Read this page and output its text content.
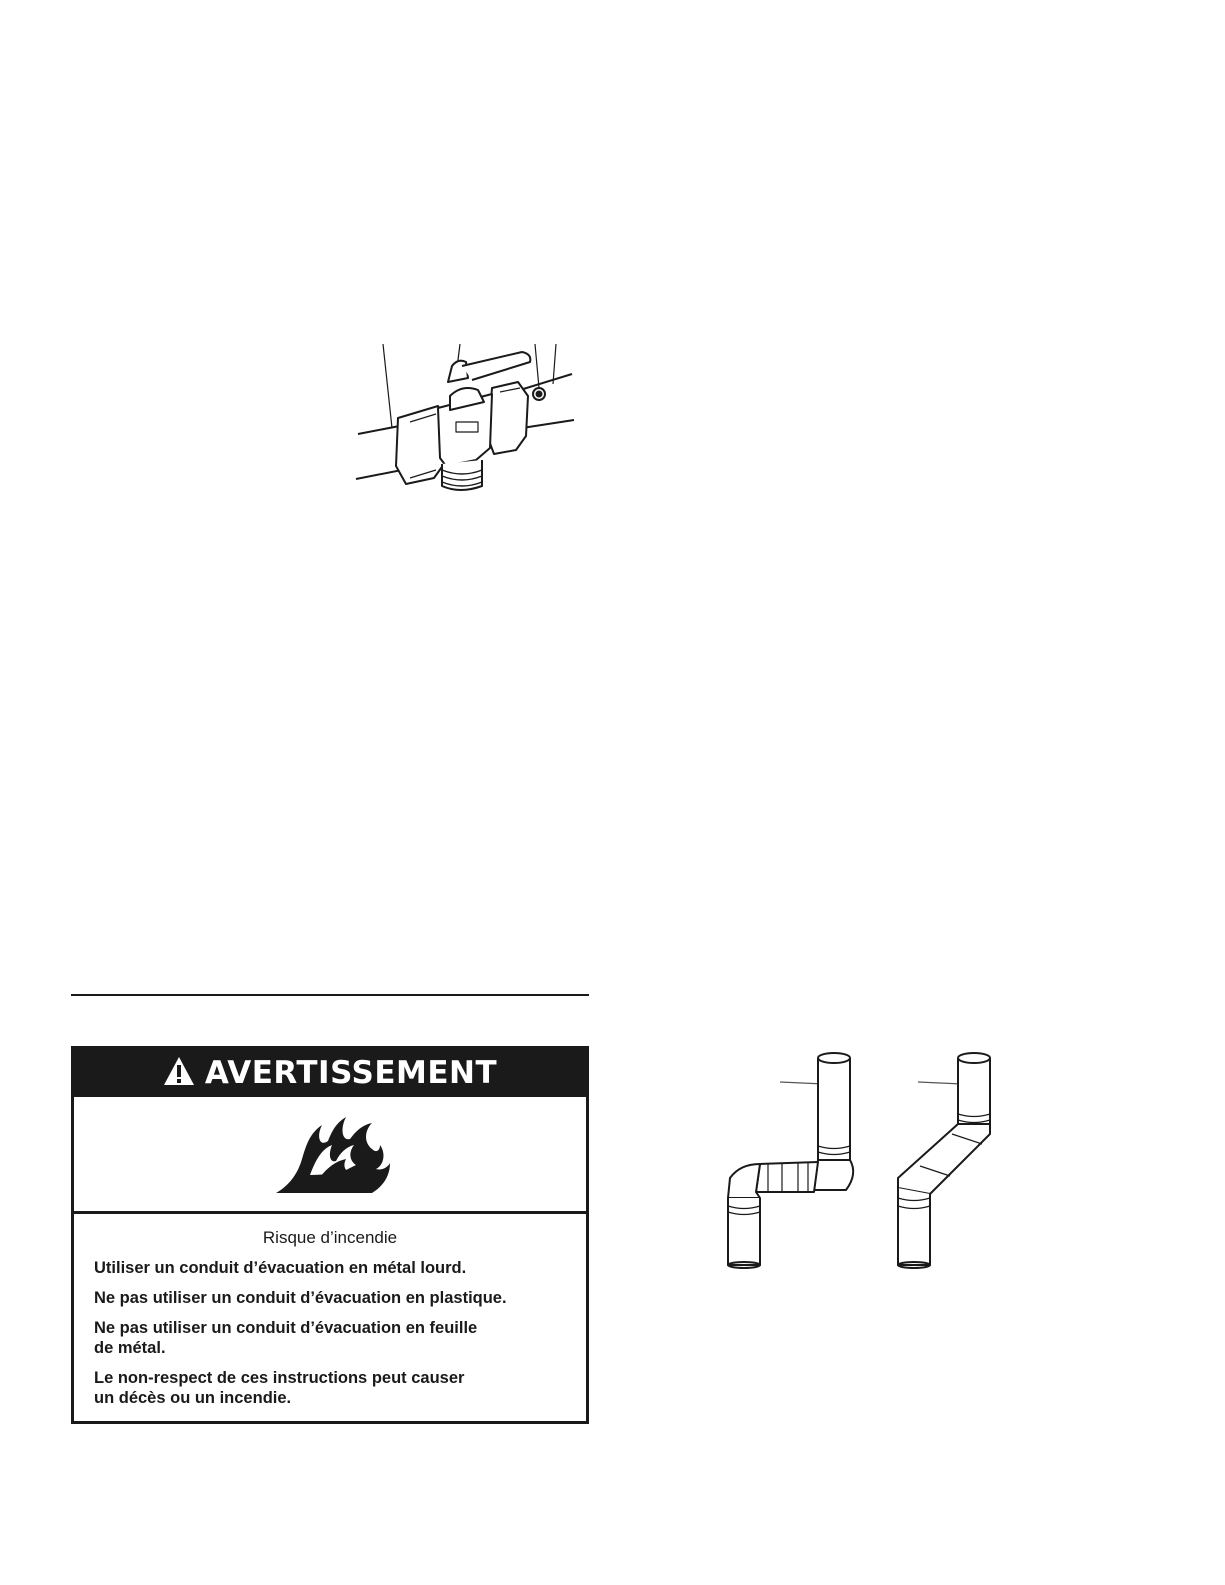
AVERTISSEMENT

Risque d’incendie

Utiliser un conduit d’évacuation en métal lourd.

Ne pas utiliser un conduit d’évacuation en plastique.

Ne pas utiliser un conduit d’évacuation en feuille
de métal.

Le non-respect de ces instructions peut causer
un décès ou un incendie.
